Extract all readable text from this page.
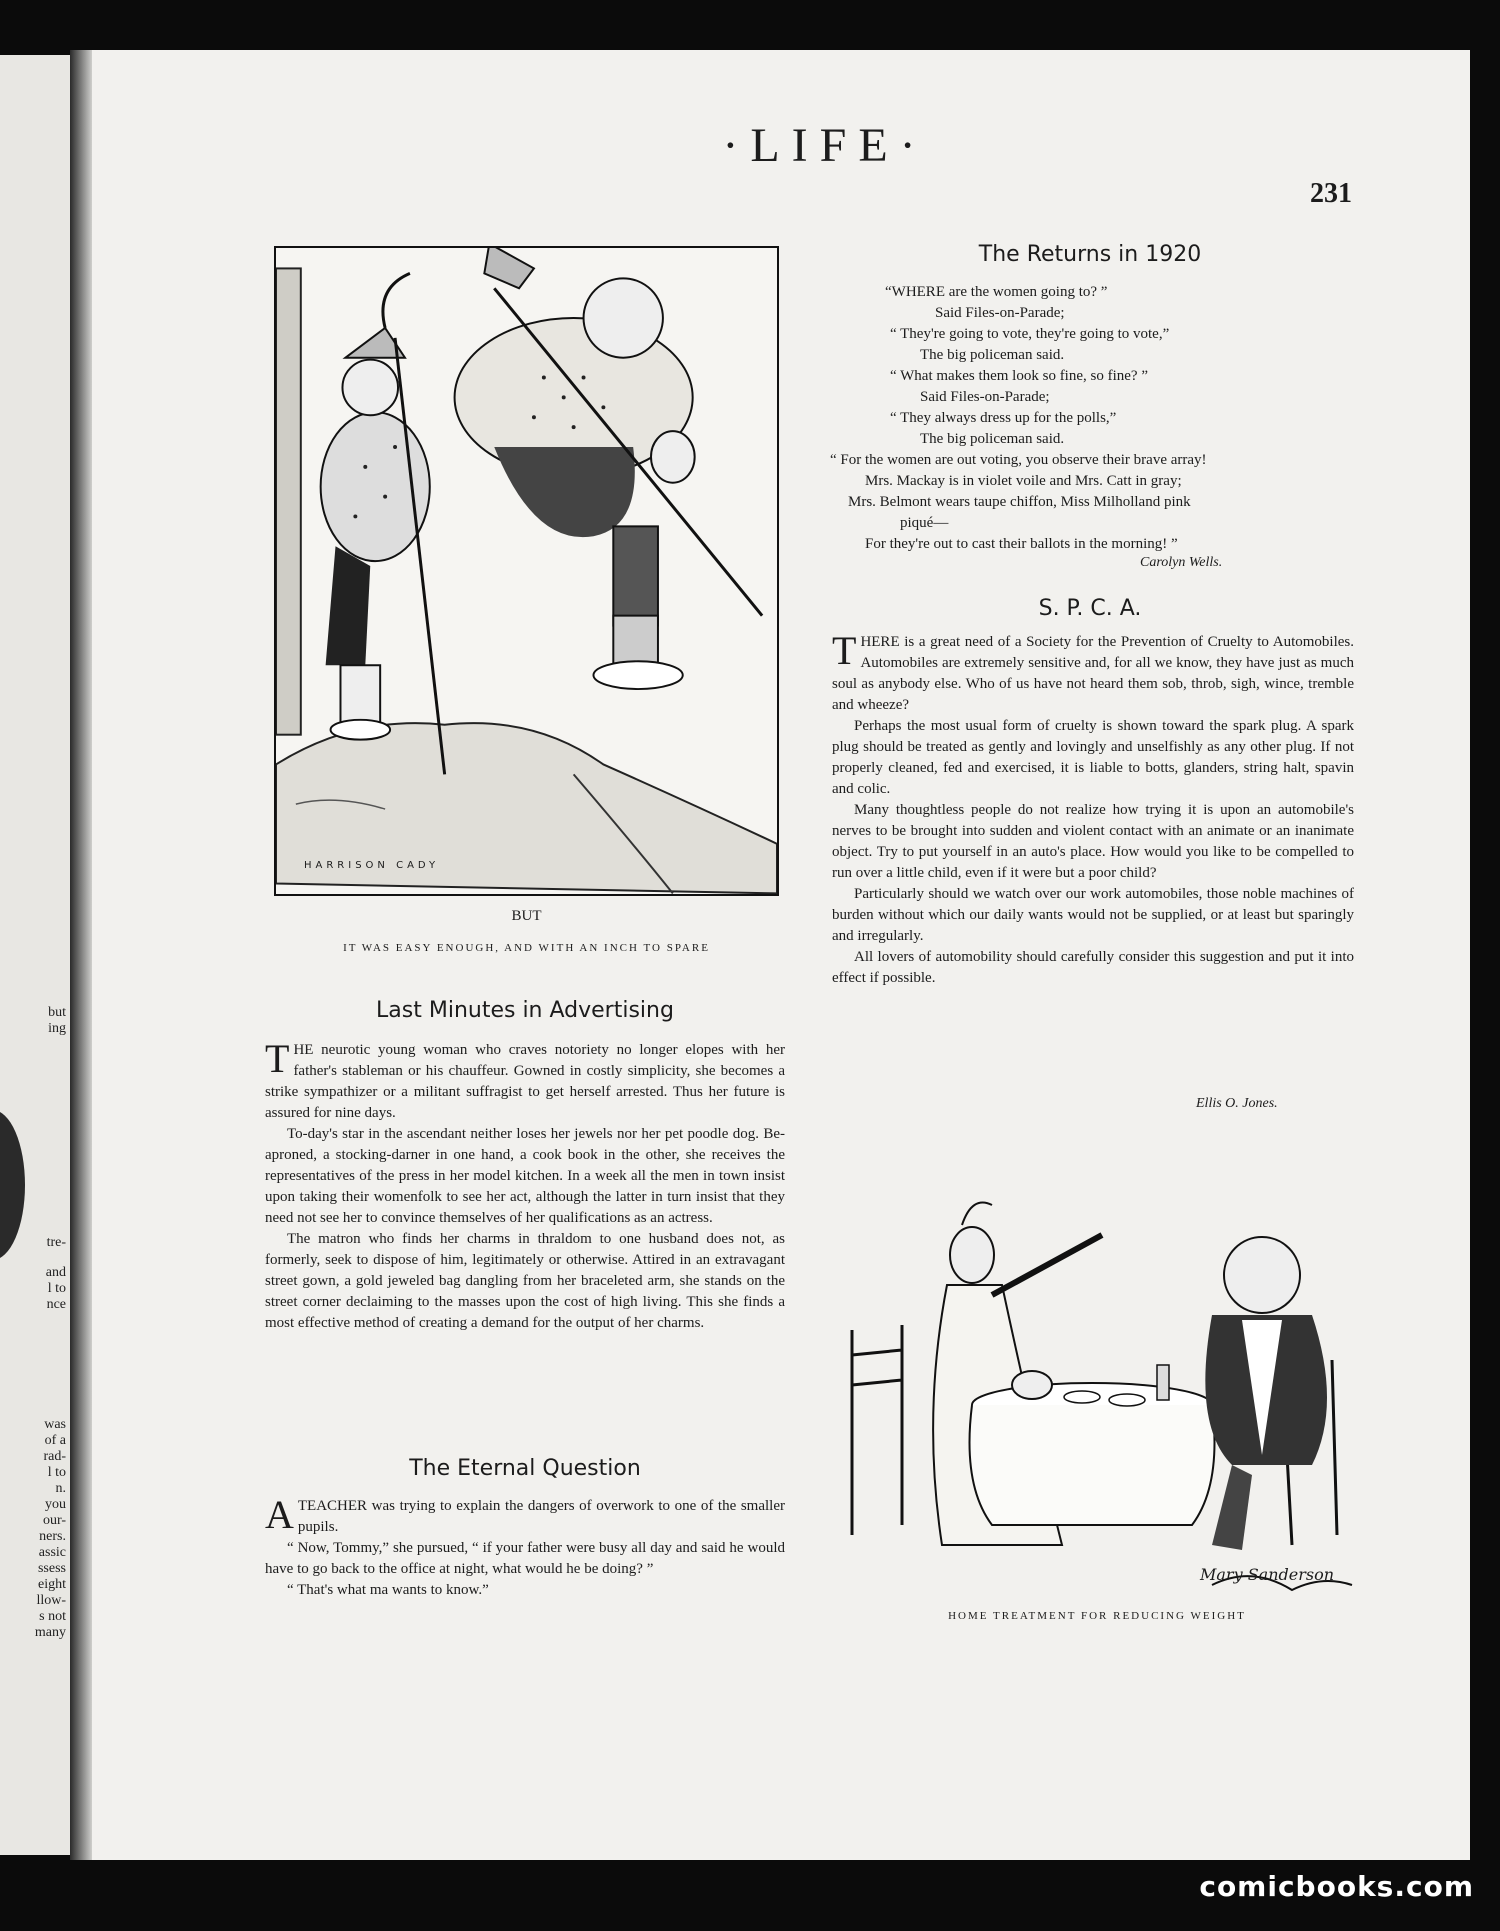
but
ing
tre-
and
l to
nce
was
of a
rad-
l to
n.
you
our-
ners.
assic
ssess
eight
llow-
s not
many
·LIFE·
231
HARRISON CADY
BUT
IT WAS EASY ENOUGH, AND WITH AN INCH TO SPARE
Last Minutes in Advertising

THE neurotic young woman who craves notoriety no longer elopes with her father's stableman or his chauffeur. Gowned in costly simplicity, she becomes a strike sympathizer or a militant suffragist to get herself arrested. Thus her future is assured for nine days.

To-day's star in the ascendant neither loses her jewels nor her pet poodle dog. Be-aproned, a stocking-darner in one hand, a cook book in the other, she receives the representatives of the press in her model kitchen. In a week all the men in town insist upon taking their womenfolk to see her act, although the latter in turn insist that they need not see her to convince themselves of her qualifications as an actress.

The matron who finds her charms in thraldom to one husband does not, as formerly, seek to dispose of him, legitimately or otherwise. Attired in an extravagant street gown, a gold jeweled bag dangling from her braceleted arm, she stands on the street corner declaiming to the masses upon the cost of high living. This she finds a most effective method of creating a demand for the output of her charms.

The Eternal Question

ATEACHER was trying to explain the dangers of overwork to one of the smaller pupils.

“ Now, Tommy,” she pursued, “ if your father were busy all day and said he would have to go back to the office at night, what would he be doing? ”

“ That's what ma wants to know.”

The Returns in 1920
“WHERE are the women going to? ”
Said Files-on-Parade;
“ They're going to vote, they're going to vote,”
The big policeman said.
“ What makes them look so fine, so fine? ”
Said Files-on-Parade;
“ They always dress up for the polls,”
The big policeman said.
“ For the women are out voting, you observe their brave array!
Mrs. Mackay is in violet voile and Mrs. Catt in gray;
Mrs. Belmont wears taupe chiffon, Miss Milholland pink
piqué—
For they're out to cast their ballots in the morning! ”
Carolyn Wells.
S. P. C. A.

THERE is a great need of a Society for the Prevention of Cruelty to Automobiles. Automobiles are extremely sensitive and, for all we know, they have just as much soul as anybody else. Who of us have not heard them sob, throb, sigh, wince, tremble and wheeze?

Perhaps the most usual form of cruelty is shown toward the spark plug. A spark plug should be treated as gently and lovingly and unselfishly as any other plug. If not properly cleaned, fed and exercised, it is liable to botts, glanders, string halt, spavin and colic.

Many thoughtless people do not realize how trying it is upon an automobile's nerves to be brought into sudden and violent contact with an animate or an inanimate object. Try to put yourself in an auto's place. How would you like to be compelled to run over a little child, even if it were but a poor child?

Particularly should we watch over our work automobiles, those noble machines of burden without which our daily wants would not be supplied, or at least but sparingly and irregularly.

All lovers of automobility should carefully consider this suggestion and put it into effect if possible.

Ellis O. Jones.
Mary Sanderson
HOME TREATMENT FOR REDUCING WEIGHT
comicbooks.com
